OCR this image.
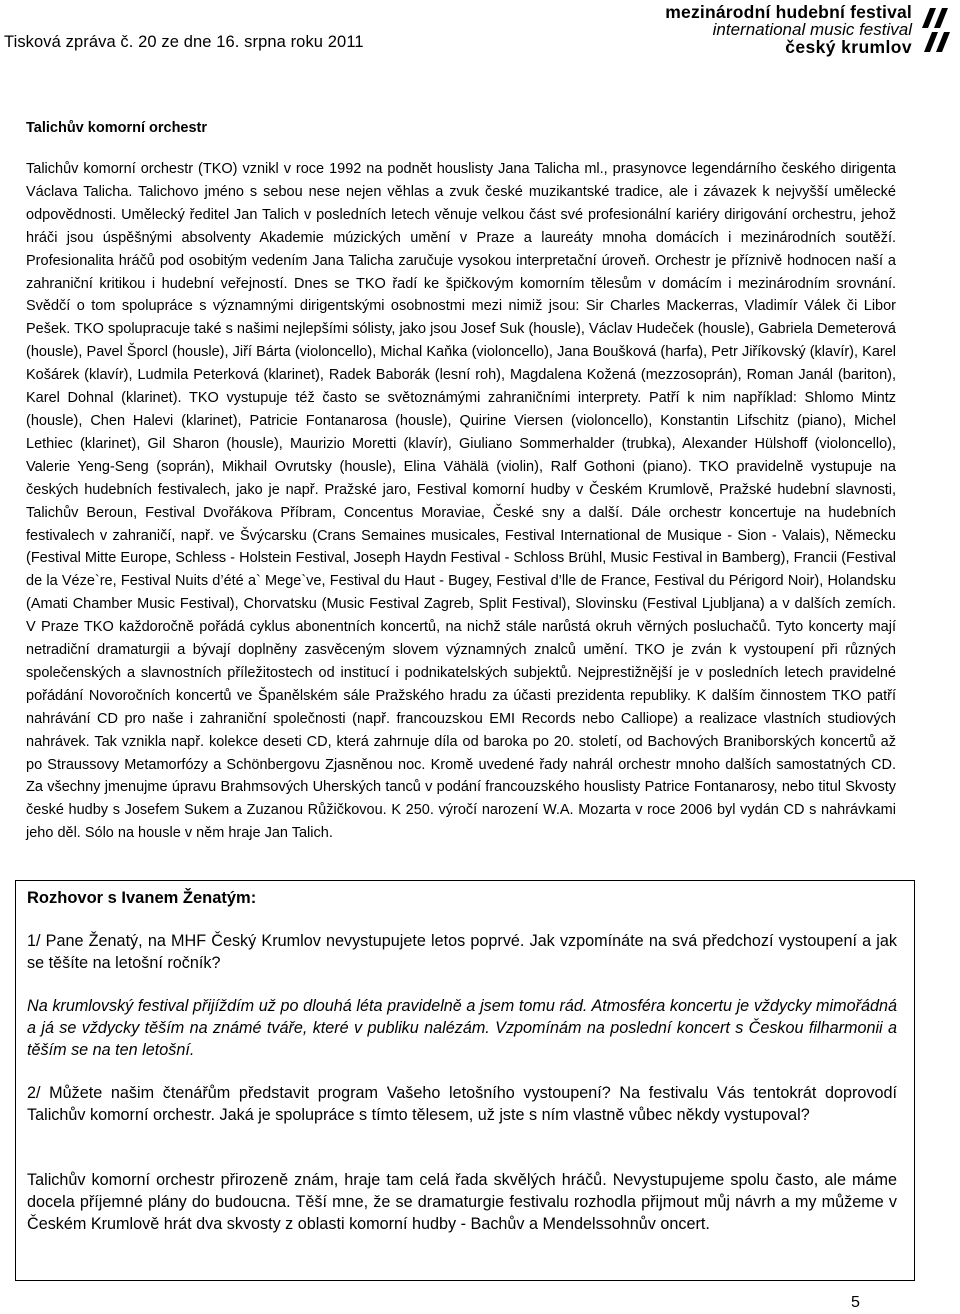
Tisková zpráva č. 20 ze dne 16. srpna roku 2011
mezinárodní hudební festival
international music festival
český krumlov
Talichův komorní orchestr
Talichův komorní orchestr (TKO) vznikl v roce 1992 na podnět houslisty Jana Talicha ml., prasynovce legendárního českého dirigenta Václava Talicha. Talichovo jméno s sebou nese nejen věhlas a zvuk české muzikantské tradice, ale i závazek k nejvyšší umělecké odpovědnosti. Umělecký ředitel Jan Talich v posledních letech věnuje velkou část své profesionální kariéry dirigování orchestru, jehož hráči jsou úspěšnými absolventy Akademie múzických umění v Praze a laureáty mnoha domácích i mezinárodních soutěží. Profesionalita hráčů pod osobitým vedením Jana Talicha zaručuje vysokou interpretační úroveň. Orchestr je příznivě hodnocen naší a zahraniční kritikou i hudební veřejností. Dnes se TKO řadí ke špičkovým komorním tělesům v domácím i mezinárodním srovnání. Svědčí o tom spolupráce s významnými dirigentskými osobnostmi mezi nimiž jsou: Sir Charles Mackerras, Vladimír Válek či Libor Pešek. TKO spolupracuje také s našimi nejlepšími sólisty, jako jsou Josef Suk (housle), Václav Hudeček (housle), Gabriela Demeterová (housle), Pavel Šporcl (housle), Jiří Bárta (violoncello), Michal Kaňka (violoncello), Jana Boušková (harfa), Petr Jiříkovský (klavír), Karel Košárek (klavír), Ludmila Peterková (klarinet), Radek Baborák (lesní roh), Magdalena Kožená (mezzosoprán), Roman Janál (bariton), Karel Dohnal (klarinet). TKO vystupuje též často se světoznámými zahraničními interprety. Patří k nim například: Shlomo Mintz (housle), Chen Halevi (klarinet), Patricie Fontanarosa (housle), Quirine Viersen (violoncello), Konstantin Lifschitz (piano), Michel Lethiec (klarinet), Gil Sharon (housle), Maurizio Moretti (klavír), Giuliano Sommerhalder (trubka), Alexander Hülshoff (violoncello), Valerie Yeng-Seng (soprán), Mikhail Ovrutsky (housle), Elina Vähälä (violin), Ralf Gothoni (piano). TKO pravidelně vystupuje na českých hudebních festivalech, jako je např. Pražské jaro, Festival komorní hudby v Českém Krumlově, Pražské hudební slavnosti, Talichův Beroun, Festival Dvořákova Příbram, Concentus Moraviae, České sny a další. Dále orchestr koncertuje na hudebních festivalech v zahraničí, např. ve Švýcarsku (Crans Semaines musicales, Festival International de Musique - Sion - Valais), Německu (Festival Mitte Europe, Schless - Holstein Festival, Joseph Haydn Festival - Schloss Brühl, Music Festival in Bamberg), Francii (Festival de la Véze`re, Festival Nuits d’été a` Mege`ve, Festival du Haut - Bugey, Festival d’lle de France, Festival du Périgord Noir), Holandsku (Amati Chamber Music Festival), Chorvatsku (Music Festival Zagreb, Split Festival), Slovinsku (Festival Ljubljana) a v dalších zemích. V Praze TKO každoročně pořádá cyklus abonentních koncertů, na nichž stále narůstá okruh věrných posluchačů. Tyto koncerty mají netradiční dramaturgii a bývají doplněny zasvěceným slovem významných znalců umění. TKO je zván k vystoupení při různých společenských a slavnostních příležitostech od institucí i podnikatelských subjektů. Nejprestižnější je v posledních letech pravidelné pořádání Novoročních koncertů ve Španělském sále Pražského hradu za účasti prezidenta republiky. K dalším činnostem TKO patří nahrávání CD pro naše i zahraniční společnosti (např. francouzskou EMI Records nebo Calliope) a realizace vlastních studiových nahrávek. Tak vznikla např. kolekce deseti CD, která zahrnuje díla od baroka po 20. století, od Bachových Braniborských koncertů až po Straussovy Metamorfózy a Schönbergovu Zjasněnou noc. Kromě uvedené řady nahrál orchestr mnoho dalších samostatných CD. Za všechny jmenujme úpravu Brahmsových Uherských tanců v podání francouzského houslisty Patrice Fontanarosy, nebo titul Skvosty české hudby s Josefem Sukem a Zuzanou Růžičkovou. K 250. výročí narození W.A. Mozarta v roce 2006 byl vydán CD s nahrávkami jeho děl. Sólo na housle v něm hraje Jan Talich.
Rozhovor s Ivanem Ženatým:
1/ Pane Ženatý, na MHF Český Krumlov nevystupujete letos poprvé. Jak vzpomínáte na svá předchozí vystoupení a jak se těšíte na letošní ročník?
Na krumlovský festival přijíždím už po dlouhá léta pravidelně a jsem tomu rád. Atmosféra koncertu je vždycky mimořádná a já se vždycky těším na známé tváře, které v publiku nalézám. Vzpomínám na poslední koncert s Českou filharmonii a těším se na ten letošní.
2/ Můžete našim čtenářům představit program Vašeho letošního vystoupení? Na festivalu Vás tentokrát doprovodí Talichův komorní orchestr. Jaká je spolupráce s tímto tělesem, už jste s ním vlastně vůbec někdy vystupoval?
Talichův komorní orchestr přirozeně znám, hraje tam celá řada skvělých hráčů. Nevystupujeme spolu často, ale máme docela příjemné plány do budoucna. Těší mne, že se dramaturgie festivalu rozhodla přijmout můj návrh a my můžeme v Českém Krumlově hrát dva skvosty z oblasti komorní hudby - Bachův a Mendelssohnův oncert.
5
